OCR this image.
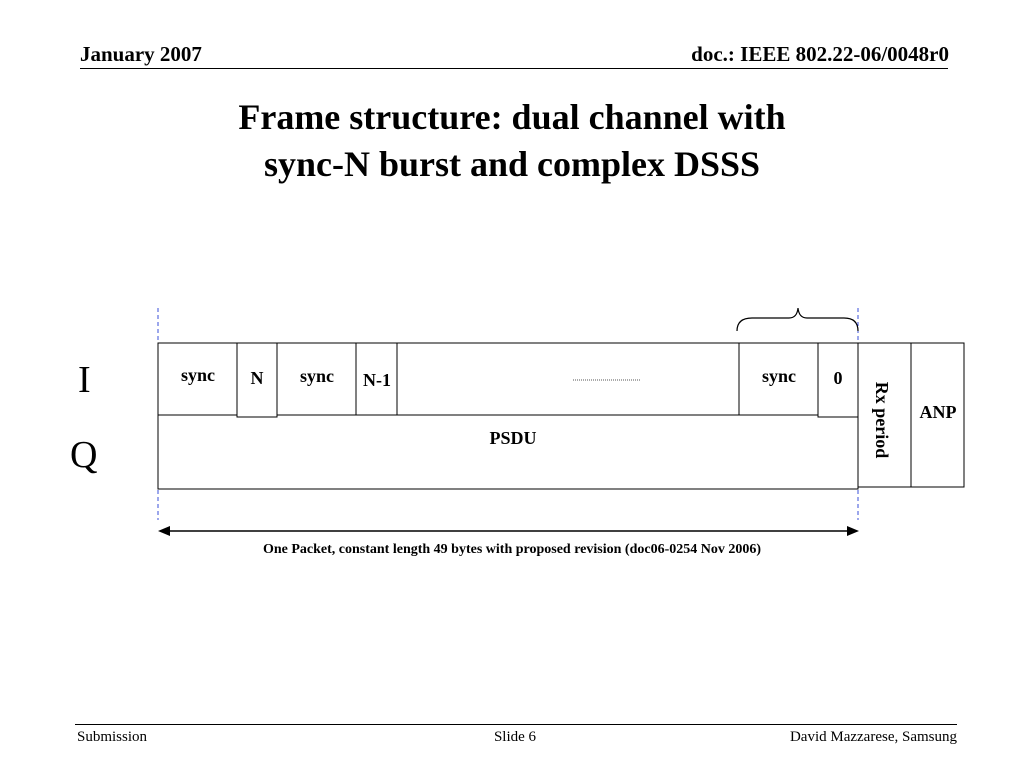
January 2007	doc.: IEEE 802.22-06/0048r0
Frame structure: dual channel with
sync-N burst and complex DSSS
I
Q
sync N sync N-1	sync 0
PSDU	Rx period ANP
One Packet, constant length 49 bytes with proposed revision (doc06-0254 Nov 2006)
Submission	Slide 6	David Mazzarese, Samsung
